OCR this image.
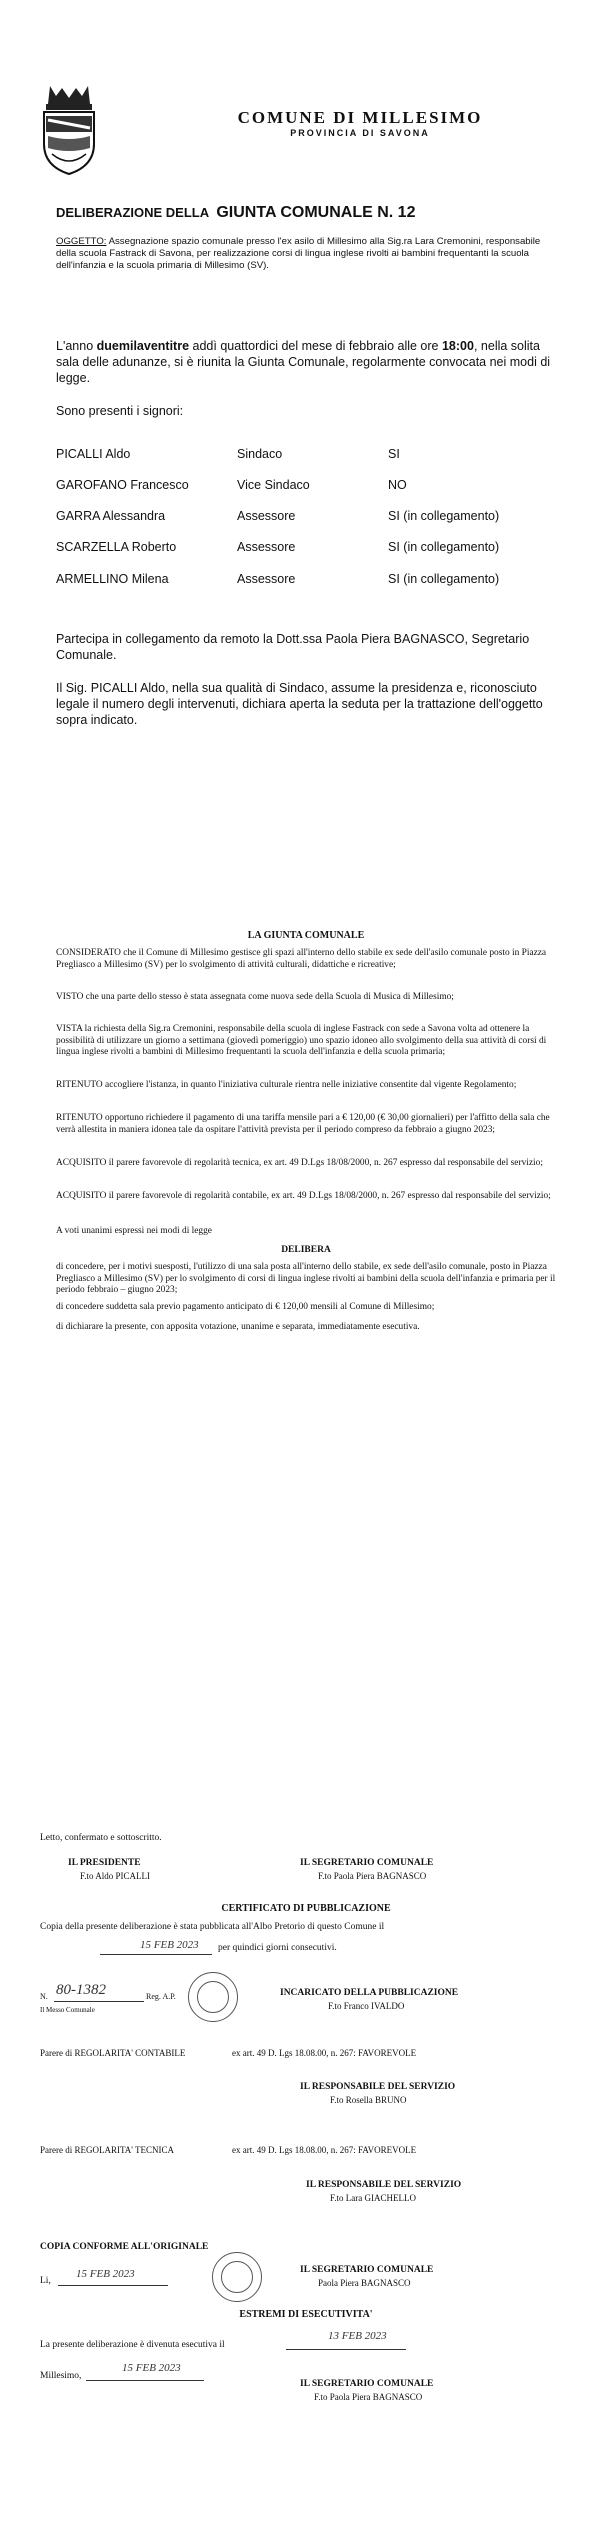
COMUNE DI MILLESIMO
PROVINCIA DI SAVONA
DELIBERAZIONE DELLA GIUNTA COMUNALE N. 12
OGGETTO: Assegnazione spazio comunale presso l'ex asilo di Millesimo alla Sig.ra Lara Cremonini, responsabile della scuola Fastrack di Savona, per realizzazione corsi di lingua inglese rivolti ai bambini frequentanti la scuola dell'infanzia e la scuola primaria di Millesimo (SV).
L'anno duemilaventitre addì quattordici del mese di febbraio alle ore 18:00, nella solita sala delle adunanze, si è riunita la Giunta Comunale, regolarmente convocata nei modi di legge.
Sono presenti i signori:
PICALLI Aldo	Sindaco	SI
GAROFANO Francesco	Vice Sindaco	NO
GARRA Alessandra	Assessore	SI (in collegamento)
SCARZELLA Roberto	Assessore	SI (in collegamento)
ARMELLINO Milena	Assessore	SI (in collegamento)
Partecipa in collegamento da remoto la Dott.ssa Paola Piera BAGNASCO, Segretario Comunale.
Il Sig. PICALLI Aldo, nella sua qualità di Sindaco, assume la presidenza e, riconosciuto legale il numero degli intervenuti, dichiara aperta la seduta per la trattazione dell'oggetto sopra indicato.
LA GIUNTA COMUNALE
CONSIDERATO che il Comune di Millesimo gestisce gli spazi all'interno dello stabile ex sede dell'asilo comunale posto in Piazza Pregliasco a Millesimo (SV) per lo svolgimento di attività culturali, didattiche e ricreative;
VISTO che una parte dello stesso è stata assegnata come nuova sede della Scuola di Musica di Millesimo;
VISTA la richiesta della Sig.ra Cremonini, responsabile della scuola di inglese Fastrack con sede a Savona volta ad ottenere la possibilità di utilizzare un giorno a settimana (giovedì pomeriggio) uno spazio idoneo allo svolgimento della sua attività di corsi di lingua inglese rivolti a bambini di Millesimo frequentanti la scuola dell'infanzia e della scuola primaria;
RITENUTO accogliere l'istanza, in quanto l'iniziativa culturale rientra nelle iniziative consentite dal vigente Regolamento;
RITENUTO opportuno richiedere il pagamento di una tariffa mensile pari a € 120,00 (€ 30,00 giornalieri) per l'affitto della sala che verrà allestita in maniera idonea tale da ospitare l'attività prevista per il periodo compreso da febbraio a giugno 2023;
ACQUISITO il parere favorevole di regolarità tecnica, ex art. 49 D.Lgs 18/08/2000, n. 267 espresso dal responsabile del servizio;
ACQUISITO il parere favorevole di regolarità contabile, ex art. 49 D.Lgs 18/08/2000, n. 267 espresso dal responsabile del servizio;
A voti unanimi espressi nei modi di legge
DELIBERA
di concedere, per i motivi suesposti, l'utilizzo di una sala posta all'interno dello stabile, ex sede dell'asilo comunale, posto in Piazza Pregliasco a Millesimo (SV) per lo svolgimento di corsi di lingua inglese rivolti ai bambini della scuola dell'infanzia e primaria per il periodo febbraio – giugno 2023;
di concedere suddetta sala previo pagamento anticipato di € 120,00 mensili al Comune di Millesimo;
di dichiarare la presente, con apposita votazione, unanime e separata, immediatamente esecutiva.
Letto, confermato e sottoscritto.
IL PRESIDENTE
F.to Aldo PICALLI
IL SEGRETARIO COMUNALE
F.to Paola Piera BAGNASCO
CERTIFICATO DI PUBBLICAZIONE
Copia della presente deliberazione è stata pubblicata all'Albo Pretorio di questo Comune il
15 FEB 2023 per quindici giorni consecutivi.
N. 80-1382	Reg. A.P.
Il Messo Comunale
INCARICATO DELLA PUBBLICAZIONE
F.to Franco IVALDO
Parere di REGOLARITA' CONTABILE	ex art. 49 D. Lgs 18.08.00, n. 267: FAVOREVOLE
IL RESPONSABILE DEL SERVIZIO
F.to Rosella BRUNO
Parere di REGOLARITA' TECNICA	ex art. 49 D. Lgs 18.08.00, n. 267: FAVOREVOLE
IL RESPONSABILE DEL SERVIZIO
F.to Lara GIACHELLO
COPIA CONFORME ALL'ORIGINALE
Li,
15 FEB 2023	IL SEGRETARIO COMUNALE
Paola Piera BAGNASCO
ESTREMI DI ESECUTIVITA'
La presente deliberazione è divenuta esecutiva il
13 FEB 2023
Millesimo,
15 FEB 2023
IL SEGRETARIO COMUNALE
F.to Paola Piera BAGNASCO
